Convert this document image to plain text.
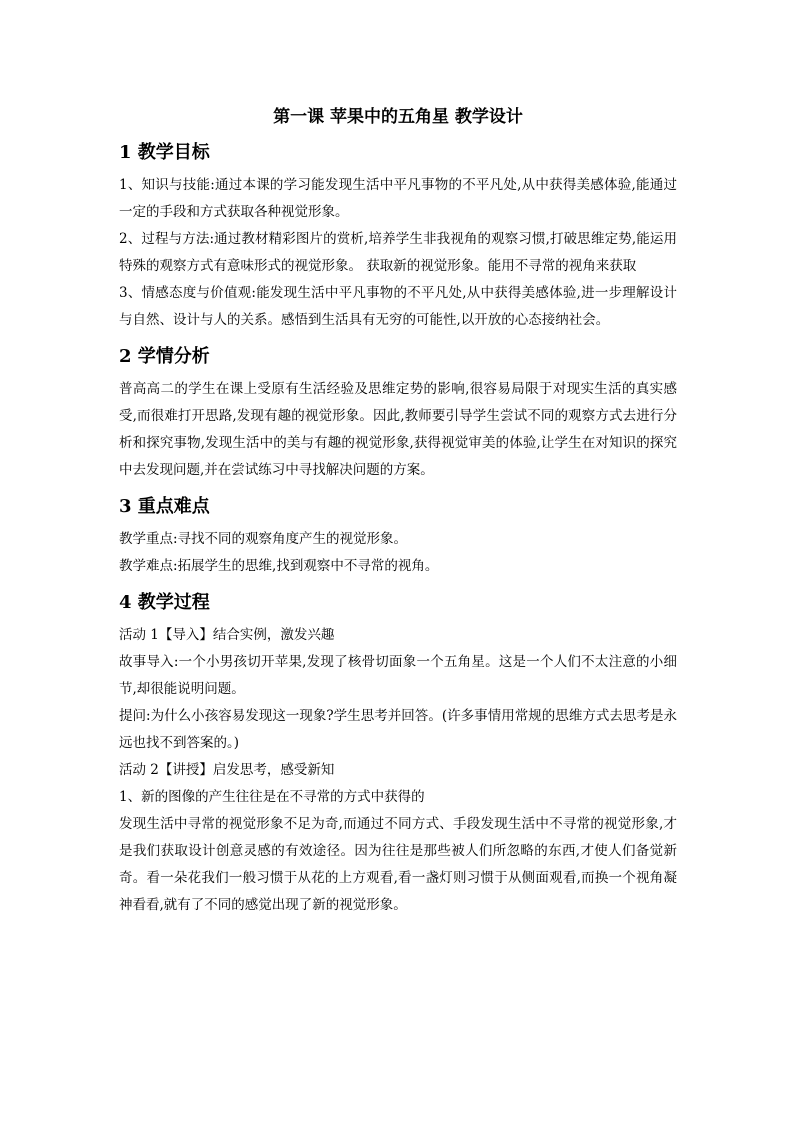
第一课 苹果中的五角星 教学设计
1 教学目标

1、知识与技能:通过本课的学习能发现生活中平凡事物的不平凡处,从中获得美感体验,能通过一定的手段和方式获取各种视觉形象。

2、过程与方法:通过教材精彩图片的赏析,培养学生非我视角的观察习惯,打破思维定势,能运用特殊的观察方式有意味形式的视觉形象。 获取新的视觉形象。能用不寻常的视角来获取

3、情感态度与价值观:能发现生活中平凡事物的不平凡处,从中获得美感体验,进一步理解设计与自然、设计与人的关系。感悟到生活具有无穷的可能性,以开放的心态接纳社会。

2 学情分析

普高高二的学生在课上受原有生活经验及思维定势的影响,很容易局限于对现实生活的真实感受,而很难打开思路,发现有趣的视觉形象。因此,教师要引导学生尝试不同的观察方式去进行分析和探究事物,发现生活中的美与有趣的视觉形象,获得视觉审美的体验,让学生在对知识的探究中去发现问题,并在尝试练习中寻找解决问题的方案。

3 重点难点

教学重点:寻找不同的观察角度产生的视觉形象。

教学难点:拓展学生的思维,找到观察中不寻常的视角。

4 教学过程

活动 1【导入】结合实例，激发兴趣

故事导入:一个小男孩切开苹果,发现了核骨切面象一个五角星。这是一个人们不太注意的小细节,却很能说明问题。

提问:为什么小孩容易发现这一现象?学生思考并回答。(许多事情用常规的思维方式去思考是永远也找不到答案的。)

活动 2【讲授】启发思考，感受新知

1、新的图像的产生往往是在不寻常的方式中获得的

发现生活中寻常的视觉形象不足为奇,而通过不同方式、手段发现生活中不寻常的视觉形象,才是我们获取设计创意灵感的有效途径。因为往往是那些被人们所忽略的东西,才使人们备觉新奇。看一朵花我们一般习惯于从花的上方观看,看一盏灯则习惯于从侧面观看,而换一个视角凝神看看,就有了不同的感觉出现了新的视觉形象。
